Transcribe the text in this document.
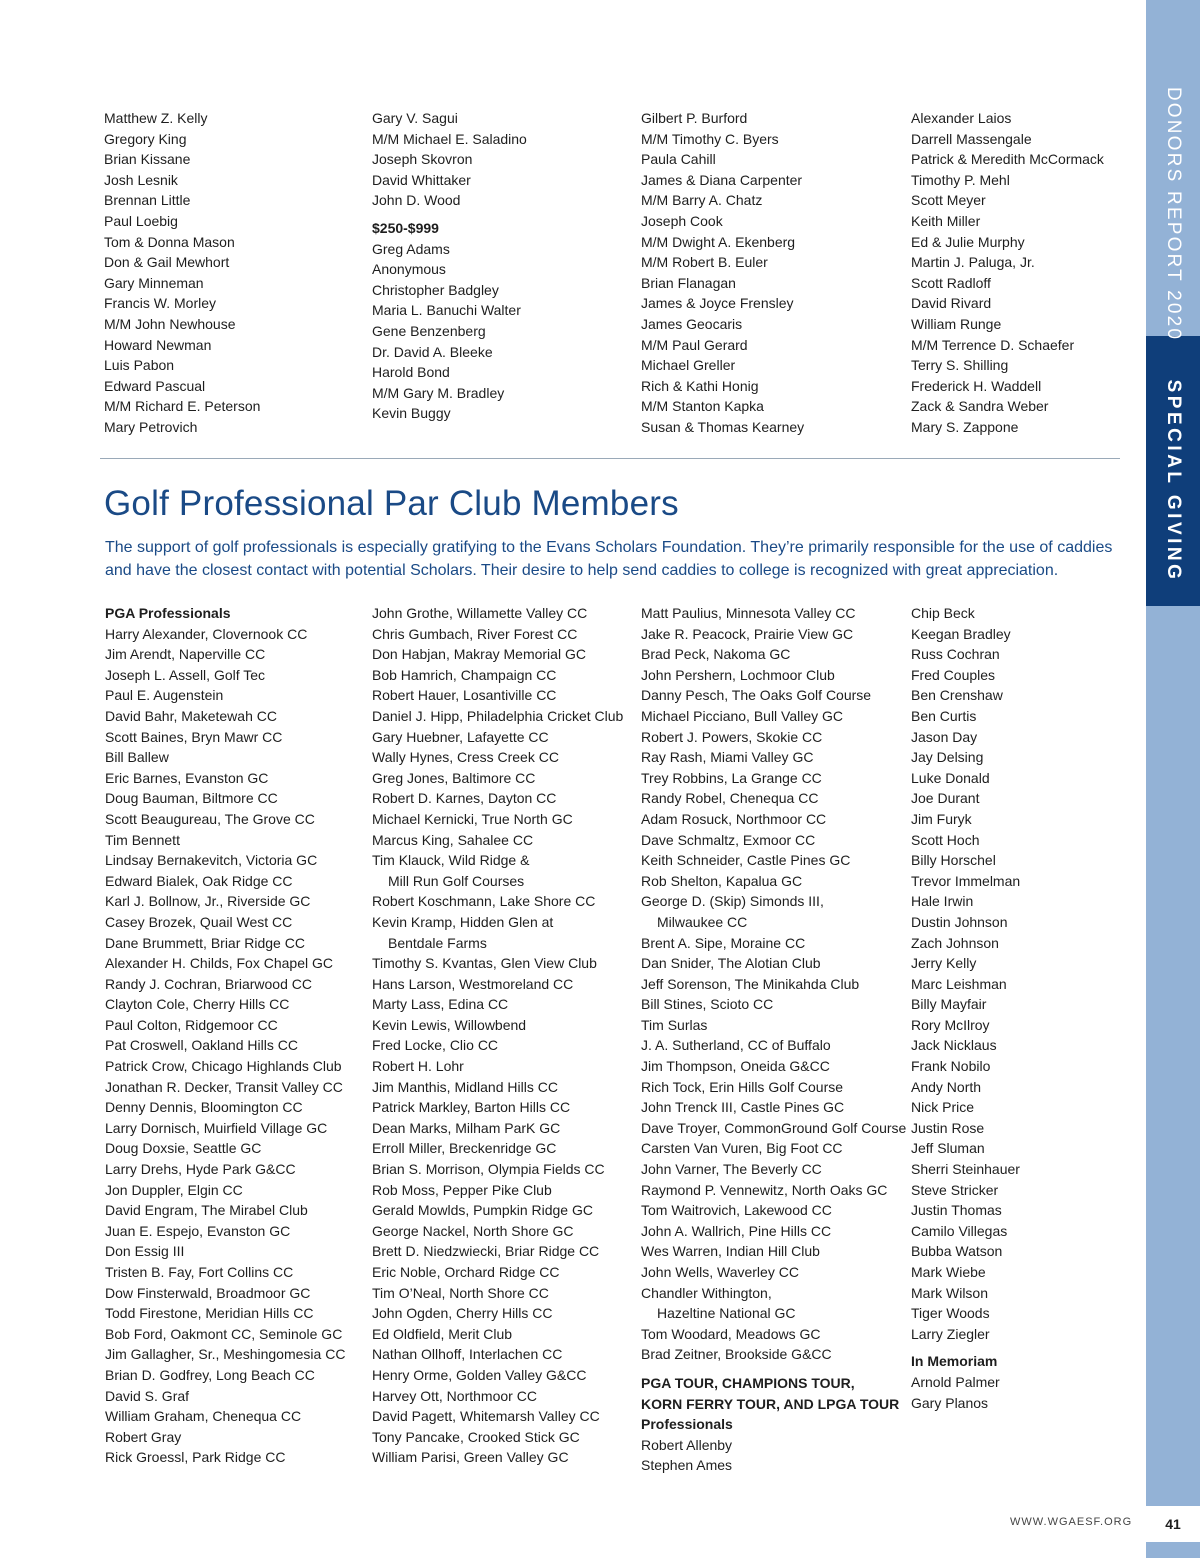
DONORS REPORT 2020
SPECIAL GIVING
Matthew Z. Kelly
Gregory King
Brian Kissane
Josh Lesnik
Brennan Little
Paul Loebig
Tom & Donna Mason
Don & Gail Mewhort
Gary Minneman
Francis W. Morley
M/M John Newhouse
Howard Newman
Luis Pabon
Edward Pascual
M/M Richard E. Peterson
Mary Petrovich
Gary V. Sagui
M/M Michael E. Saladino
Joseph Skovron
David Whittaker
John D. Wood
$250-$999
Greg Adams
Anonymous
Christopher Badgley
Maria L. Banuchi Walter
Gene Benzenberg
Dr. David A. Bleeke
Harold Bond
M/M Gary M. Bradley
Kevin Buggy
Gilbert P. Burford
M/M Timothy C. Byers
Paula Cahill
James & Diana Carpenter
M/M Barry A. Chatz
Joseph Cook
M/M Dwight A. Ekenberg
M/M Robert B. Euler
Brian Flanagan
James & Joyce Frensley
James Geocaris
M/M Paul Gerard
Michael Greller
Rich & Kathi Honig
M/M Stanton Kapka
Susan & Thomas Kearney
Alexander Laios
Darrell Massengale
Patrick & Meredith McCormack
Timothy P. Mehl
Scott Meyer
Keith Miller
Ed & Julie Murphy
Martin J. Paluga, Jr.
Scott Radloff
David Rivard
William Runge
M/M Terrence D. Schaefer
Terry S. Shilling
Frederick H. Waddell
Zack & Sandra Weber
Mary S. Zappone
Golf Professional Par Club Members
The support of golf professionals is especially gratifying to the Evans Scholars Foundation. They’re primarily responsible for the use of caddies and have the closest contact with potential Scholars. Their desire to help send caddies to college is recognized with great appreciation.
PGA Professionals
Harry Alexander, Clovernook CC
Jim Arendt, Naperville CC
Joseph L. Assell, Golf Tec
Paul E. Augenstein
David Bahr, Maketewah CC
Scott Baines, Bryn Mawr CC
Bill Ballew
Eric Barnes, Evanston GC
Doug Bauman, Biltmore CC
Scott Beaugureau, The Grove CC
Tim Bennett
Lindsay Bernakevitch, Victoria GC
Edward Bialek, Oak Ridge CC
Karl J. Bollnow, Jr., Riverside GC
Casey Brozek, Quail West CC
Dane Brummett, Briar Ridge CC
Alexander H. Childs, Fox Chapel GC
Randy J. Cochran, Briarwood CC
Clayton Cole, Cherry Hills CC
Paul Colton, Ridgemoor CC
Pat Croswell, Oakland Hills CC
Patrick Crow, Chicago Highlands Club
Jonathan R. Decker, Transit Valley CC
Denny Dennis, Bloomington CC
Larry Dornisch, Muirfield Village GC
Doug Doxsie, Seattle GC
Larry Drehs, Hyde Park G&CC
Jon Duppler, Elgin CC
David Engram, The Mirabel Club
Juan E. Espejo, Evanston GC
Don Essig III
Tristen B. Fay, Fort Collins CC
Dow Finsterwald, Broadmoor GC
Todd Firestone, Meridian Hills CC
Bob Ford, Oakmont CC, Seminole GC
Jim Gallagher, Sr., Meshingomesia CC
Brian D. Godfrey, Long Beach CC
David S. Graf
William Graham, Chenequa CC
Robert Gray
Rick Groessl, Park Ridge CC
John Grothe, Willamette Valley CC
Chris Gumbach, River Forest CC
Don Habjan, Makray Memorial GC
Bob Hamrich, Champaign CC
Robert Hauer, Losantiville CC
Daniel J. Hipp, Philadelphia Cricket Club
Gary Huebner, Lafayette CC
Wally Hynes, Cress Creek CC
Greg Jones, Baltimore CC
Robert D. Karnes, Dayton CC
Michael Kernicki, True North GC
Marcus King, Sahalee CC
Tim Klauck, Wild Ridge &
Mill Run Golf Courses
Robert Koschmann, Lake Shore CC
Kevin Kramp, Hidden Glen at
Bentdale Farms
Timothy S. Kvantas, Glen View Club
Hans Larson, Westmoreland CC
Marty Lass, Edina CC
Kevin Lewis, Willowbend
Fred Locke, Clio CC
Robert H. Lohr
Jim Manthis, Midland Hills CC
Patrick Markley, Barton Hills CC
Dean Marks, Milham ParK GC
Erroll Miller, Breckenridge GC
Brian S. Morrison, Olympia Fields CC
Rob Moss, Pepper Pike Club
Gerald Mowlds, Pumpkin Ridge GC
George Nackel, North Shore GC
Brett D. Niedzwiecki, Briar Ridge CC
Eric Noble, Orchard Ridge CC
Tim O’Neal, North Shore CC
John Ogden, Cherry Hills CC
Ed Oldfield, Merit Club
Nathan Ollhoff, Interlachen CC
Henry Orme, Golden Valley G&CC
Harvey Ott, Northmoor CC
David Pagett, Whitemarsh Valley CC
Tony Pancake, Crooked Stick GC
William Parisi, Green Valley GC
Matt Paulius, Minnesota Valley CC
Jake R. Peacock, Prairie View GC
Brad Peck, Nakoma GC
John Pershern, Lochmoor Club
Danny Pesch, The Oaks Golf Course
Michael Picciano, Bull Valley GC
Robert J. Powers, Skokie CC
Ray Rash, Miami Valley GC
Trey Robbins, La Grange CC
Randy Robel, Chenequa CC
Adam Rosuck, Northmoor CC
Dave Schmaltz, Exmoor CC
Keith Schneider, Castle Pines GC
Rob Shelton, Kapalua GC
George D. (Skip) Simonds III,
Milwaukee CC
Brent A. Sipe, Moraine CC
Dan Snider, The Alotian Club
Jeff Sorenson, The Minikahda Club
Bill Stines, Scioto CC
Tim Surlas
J. A. Sutherland, CC of Buffalo
Jim Thompson, Oneida G&CC
Rich Tock, Erin Hills Golf Course
John Trenck III, Castle Pines GC
Dave Troyer, CommonGround Golf Course
Carsten Van Vuren, Big Foot CC
John Varner, The Beverly CC
Raymond P. Vennewitz, North Oaks GC
Tom Waitrovich, Lakewood CC
John A. Wallrich, Pine Hills CC
Wes Warren, Indian Hill Club
John Wells, Waverley CC
Chandler Withington,
Hazeltine National GC
Tom Woodard, Meadows GC
Brad Zeitner, Brookside G&CC
PGA TOUR, CHAMPIONS TOUR,
KORN FERRY TOUR, AND LPGA TOUR
Professionals
Robert Allenby
Stephen Ames
Chip Beck
Keegan Bradley
Russ Cochran
Fred Couples
Ben Crenshaw
Ben Curtis
Jason Day
Jay Delsing
Luke Donald
Joe Durant
Jim Furyk
Scott Hoch
Billy Horschel
Trevor Immelman
Hale Irwin
Dustin Johnson
Zach Johnson
Jerry Kelly
Marc Leishman
Billy Mayfair
Rory McIlroy
Jack Nicklaus
Frank Nobilo
Andy North
Nick Price
Justin Rose
Jeff Sluman
Sherri Steinhauer
Steve Stricker
Justin Thomas
Camilo Villegas
Bubba Watson
Mark Wiebe
Mark Wilson
Tiger Woods
Larry Ziegler
In Memoriam
Arnold Palmer
Gary Planos
WWW.WGAESF.ORG	41
